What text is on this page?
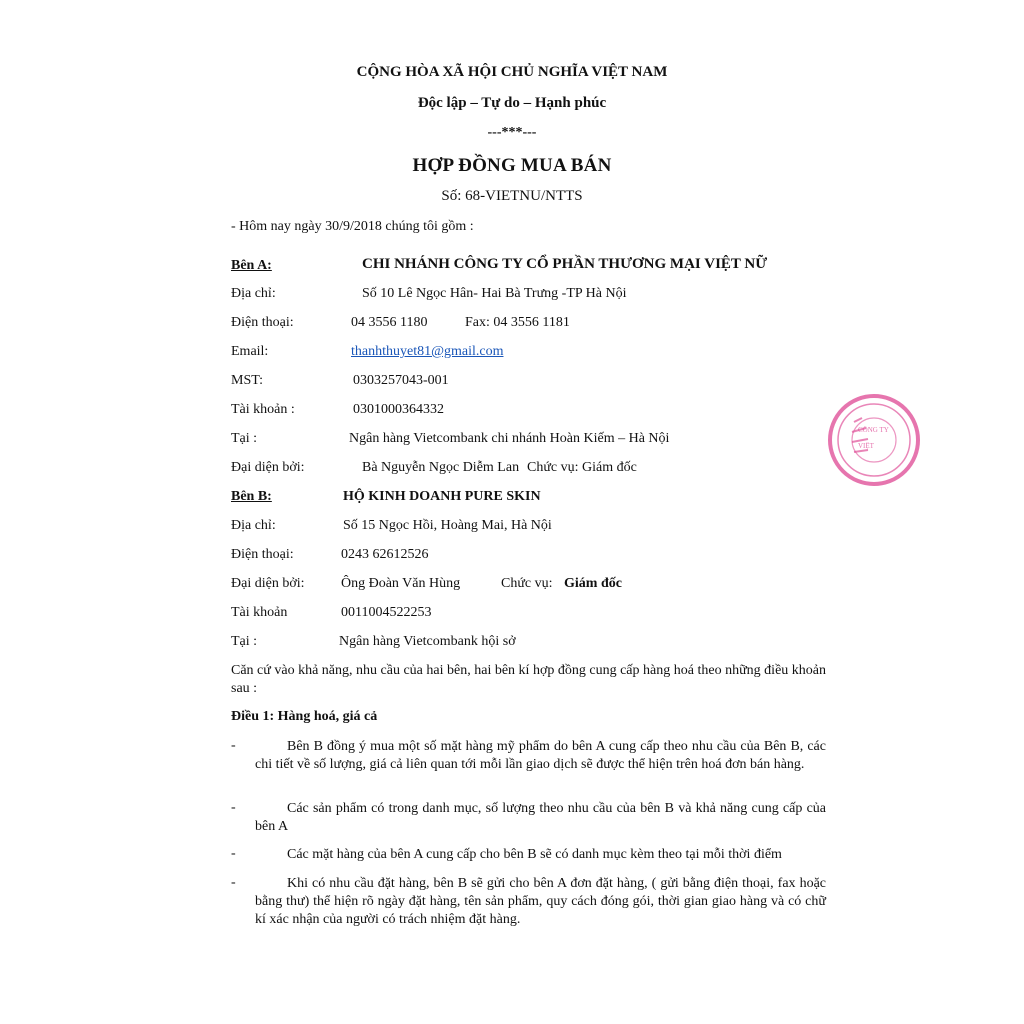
CỘNG HÒA XÃ HỘI CHỦ NGHĨA VIỆT NAM
Độc lập – Tự do – Hạnh phúc
---***---
HỢP ĐỒNG MUA BÁN
Số: 68-VIETNU/NTTS
- Hôm nay ngày 30/9/2018 chúng tôi gồm :
Bên A:	CHI NHÁNH CÔNG TY CỔ PHẦN THƯƠNG MẠI VIỆT NỮ
Địa chỉ:	Số 10 Lê Ngọc Hân- Hai Bà Trưng -TP Hà Nội
Điện thoại:	04 3556 1180	Fax: 04 3556 1181
Email:	thanhthuyet81@gmail.com
MST:	0303257043-001
Tài khoản :	0301000364332
Tại :	Ngân hàng Vietcombank chi nhánh Hoàn Kiếm – Hà Nội
Đại diện bởi:	Bà Nguyễn Ngọc Diễm Lan Chức vụ: Giám đốc
Bên B:	HỘ KINH DOANH PURE SKIN
Địa chỉ:	Số 15 Ngọc Hồi, Hoàng Mai, Hà Nội
Điện thoại:	0243 62612526
Đại diện bởi:	Ông Đoàn Văn Hùng	Chức vụ: Giám đốc
Tài khoản	0011004522253
Tại :	Ngân hàng Vietcombank hội sở
Căn cứ vào khả năng, nhu cầu của hai bên, hai bên kí hợp đồng cung cấp hàng hoá theo những điều khoản sau :
Điều 1: Hàng hoá, giá cả
-	Bên B đồng ý mua một số mặt hàng mỹ phẩm do bên A cung cấp theo nhu cầu của Bên B, các chi tiết về số lượng, giá cả liên quan tới mỗi lần giao dịch sẽ được thể hiện trên hoá đơn bán hàng.
-	Các sản phẩm có trong danh mục, số lượng theo nhu cầu của bên B và khả năng cung cấp của bên A
-	Các mặt hàng của bên A cung cấp cho bên B sẽ có danh mục kèm theo tại mỗi thời điểm
-	Khi có nhu cầu đặt hàng, bên B sẽ gửi cho bên A đơn đặt hàng, ( gửi bằng điện thoại, fax hoặc bằng thư) thể hiện rõ ngày đặt hàng, tên sản phẩm, quy cách đóng gói, thời gian giao hàng và có chữ kí xác nhận của người có trách nhiệm đặt hàng.
CÔNG TY
VIỆT
